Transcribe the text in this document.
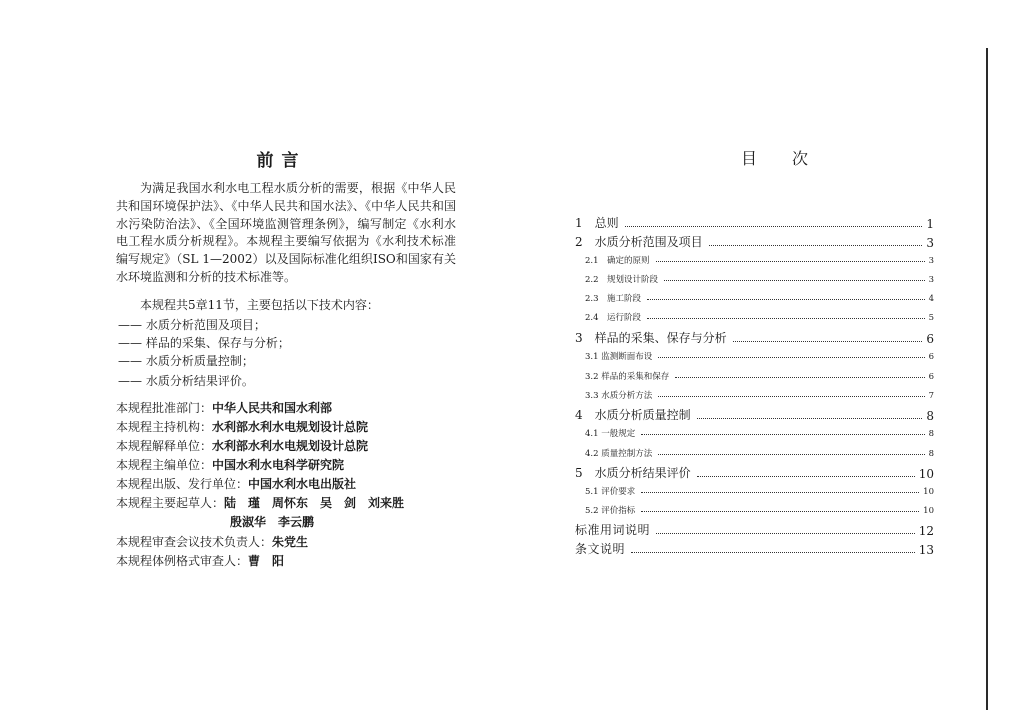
前 言
为满足我国水利水电工程水质分析的需要，根据《中华人民共和国环境保护法》、《中华人民共和国水法》、《中华人民共和国水污染防治法》、《全国环境监测管理条例》，编写制定《水利水电工程水质分析规程》。本规程主要编写依据为《水利技术标准编写规定》（SL 1—2002）以及国际标准化组织ISO和国家有关水环境监测和分析的技术标准等。
本规程共5章11节，主要包括以下技术内容：
—— 水质分析范围及项目；
—— 样品的采集、保存与分析；
—— 水质分析质量控制；
—— 水质分析结果评价。
本规程批准部门：中华人民共和国水利部
本规程主持机构：水利部水利水电规划设计总院
本规程解释单位：水利部水利水电规划设计总院
本规程主编单位：中国水利水电科学研究院
本规程出版、发行单位：中国水利水电出版社
本规程主要起草人：陆　瑾　周怀东　吴　剑　刘来胜
殷淑华　李云鹏
本规程审查会议技术负责人：朱党生
本规程体例格式审查人：曹　阳
目　　次
1　总则	1
2　水质分析范围及项目	3
2.1　确定的原则	3
2.2　规划设计阶段	3
2.3　施工阶段	4
2.4　运行阶段	5
3　样品的采集、保存与分析	6
3.1 监测断面布设	6
3.2 样品的采集和保存	6
3.3 水质分析方法	7
4　水质分析质量控制	8
4.1 一般规定	8
4.2 质量控制方法	8
5　水质分析结果评价	10
5.1 评价要求	10
5.2 评价指标	10
标准用词说明	12
条文说明	13
